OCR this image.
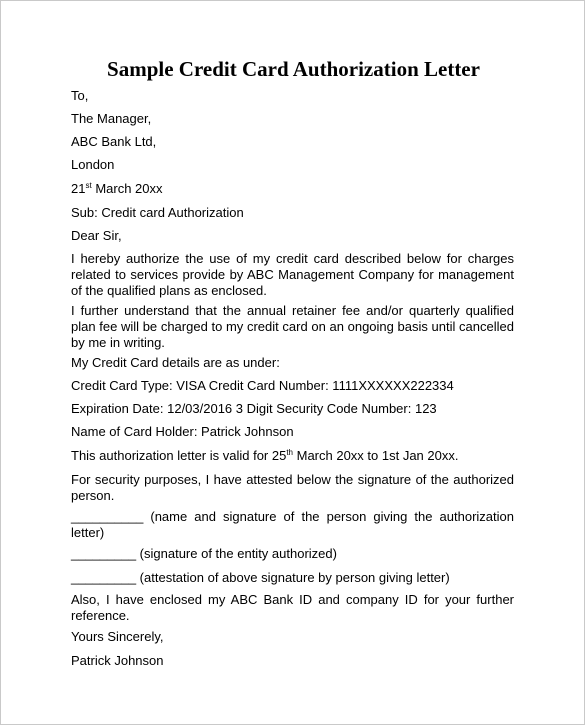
Sample Credit Card Authorization Letter
To,
The Manager,
ABC Bank Ltd,
London
21st March 20xx
Sub: Credit card Authorization
Dear Sir,
I hereby authorize the use of my credit card described below for charges related to services provide by ABC Management Company for management of the qualified plans as enclosed.
I further understand that the annual retainer fee and/or quarterly qualified plan fee will be charged to my credit card on an ongoing basis until cancelled by me in writing.
My Credit Card details are as under:
Credit Card Type: VISA Credit Card Number: 1111XXXXXX222334
Expiration Date: 12/03/2016 3 Digit Security Code Number: 123
Name of Card Holder: Patrick Johnson
This authorization letter is valid for 25th March 20xx to 1st Jan 20xx.
For security purposes, I have attested below the signature of the authorized person.
__________ (name and signature of the person giving the authorization letter)
_________ (signature of the entity authorized)
_________ (attestation of above signature by person giving letter)
Also, I have enclosed my ABC Bank ID and company ID for your further reference.
Yours Sincerely,
Patrick Johnson
